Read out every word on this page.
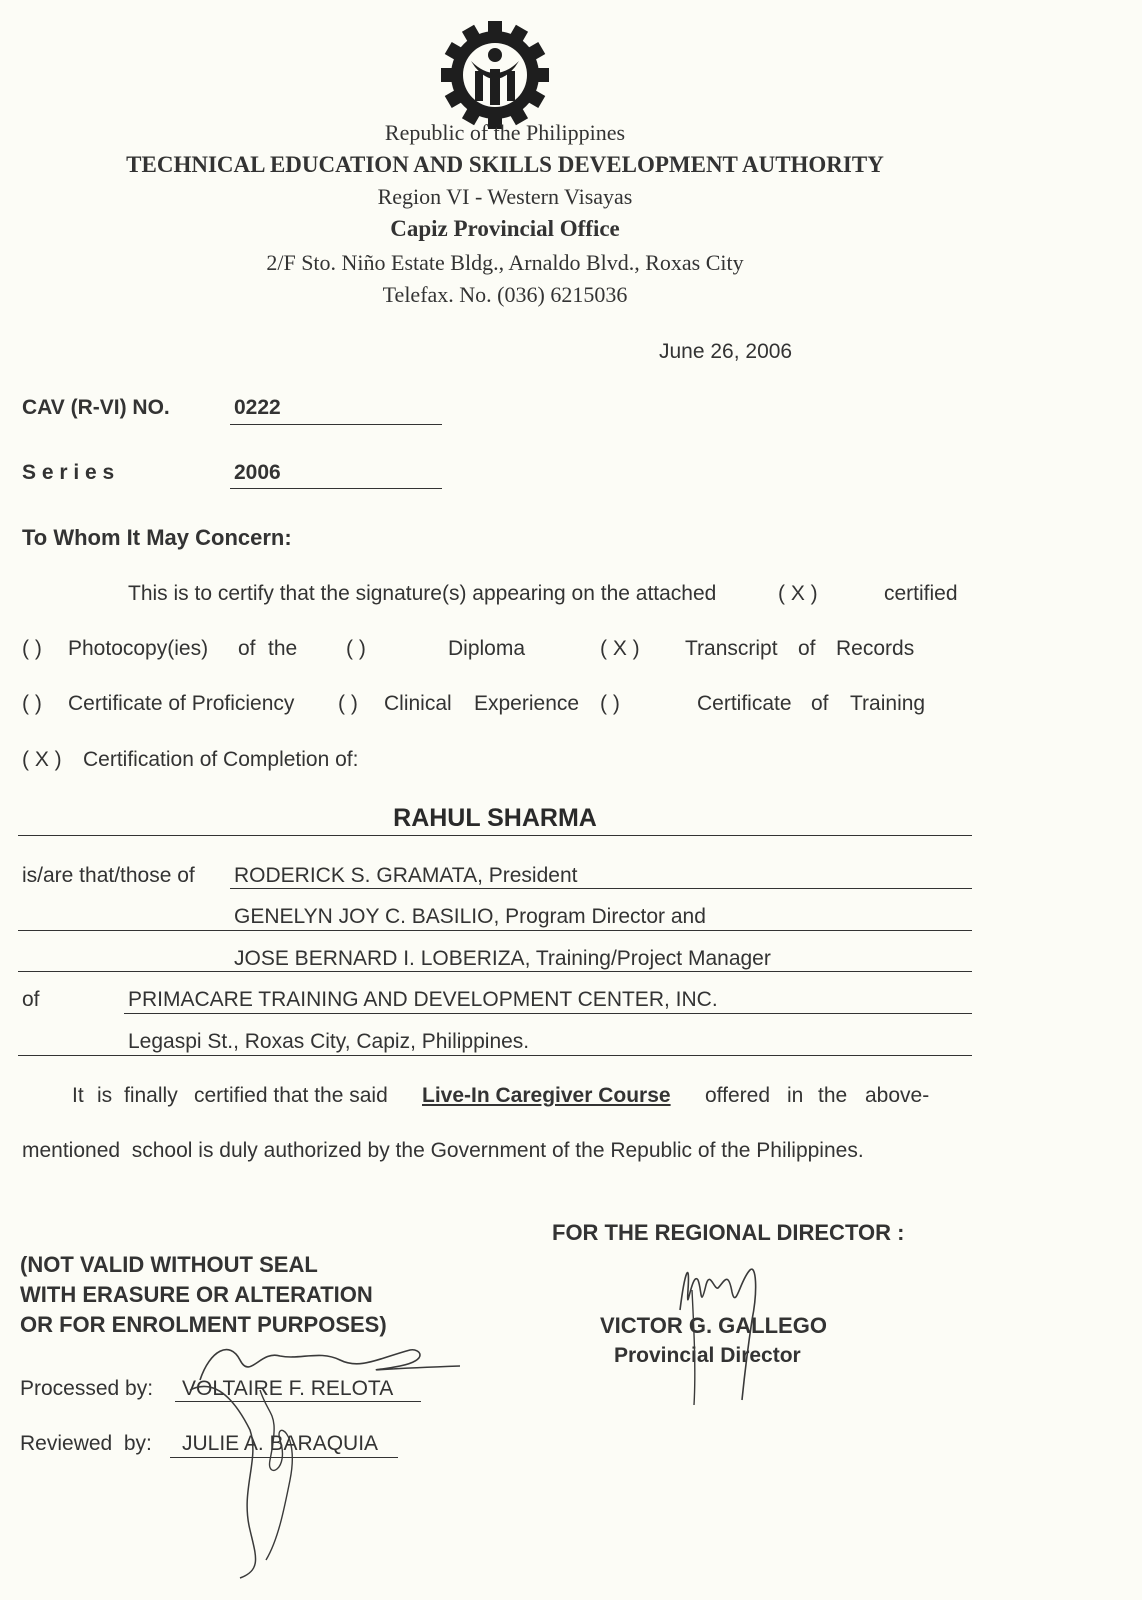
Republic of the Philippines
TECHNICAL EDUCATION AND SKILLS DEVELOPMENT AUTHORITY
Region VI - Western Visayas
Capiz Provincial Office
2/F Sto. Niño Estate Bldg., Arnaldo Blvd., Roxas City
Telefax. No. (036) 6215036
June 26, 2006
CAV (R-VI) NO.	0222
S e r i e s	2006
To Whom It May Concern:
This is to certify that the signature(s) appearing on the attached	( X )	certified
( ) Photocopy(ies) of the ( )	Diploma	( X ) Transcript of Records
( ) Certificate of Proficiency ( ) Clinical Experience ( )	Certificate of Training
( X ) Certification of Completion of:
RAHUL SHARMA
is/are that/those of RODERICK S. GRAMATA, President
GENELYN JOY C. BASILIO, Program Director and
JOSE BERNARD I. LOBERIZA, Training/Project Manager
of	PRIMACARE TRAINING AND DEVELOPMENT CENTER, INC.
Legaspi St., Roxas City, Capiz, Philippines.
It is finally certified that the said Live-In Caregiver Course offered in the above-
mentioned  school is duly authorized by the Government of the Republic of the Philippines.
(NOT VALID WITHOUT SEAL
WITH ERASURE OR ALTERATION
OR FOR ENROLMENT PURPOSES)
Processed by: VOLTAIRE F. RELOTA
Reviewed  by: JULIE A. BARAQUIA
FOR THE REGIONAL DIRECTOR :
VICTOR G. GALLEGO
Provincial Director
